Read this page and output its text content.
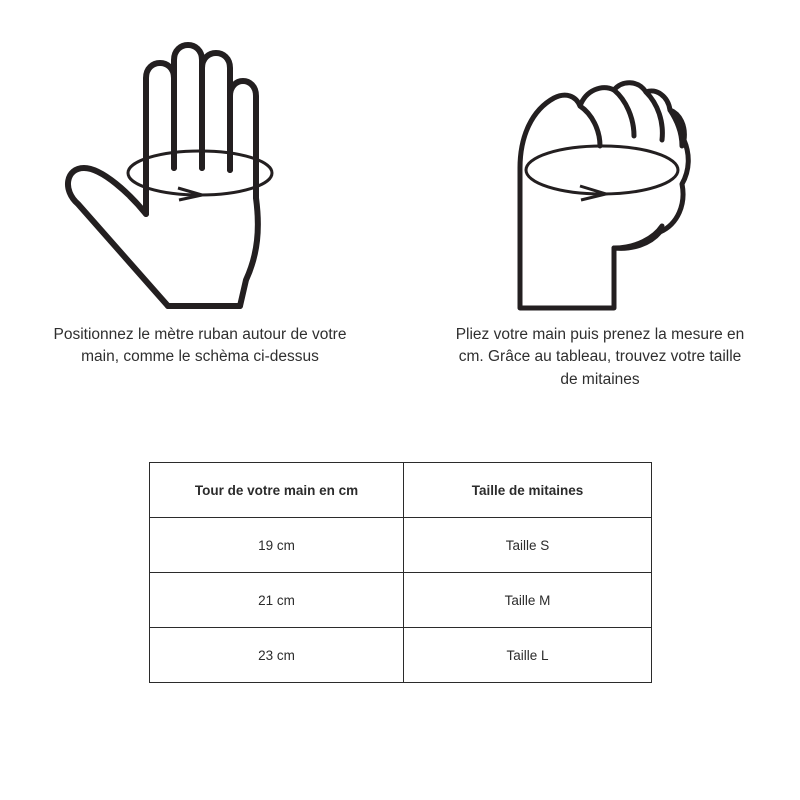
Positionnez le mètre ruban autour de votre main, comme le schèma ci-dessus
Pliez votre main puis prenez la mesure en cm. Grâce au tableau, trouvez votre taille de mitaines
Tour de votre main en cm	Taille de mitaines
19 cm	Taille S
21 cm	Taille M
23 cm	Taille L
